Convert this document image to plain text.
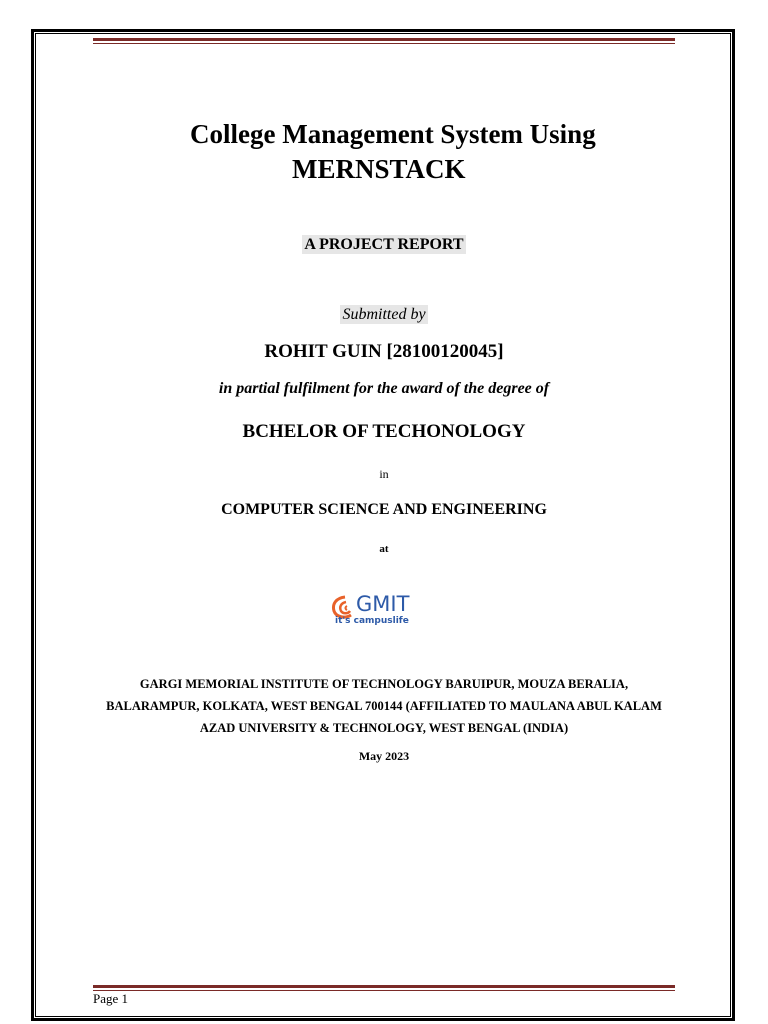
College Management System Using
MERNSTACK
A PROJECT REPORT
Submitted by
ROHIT GUIN [28100120045]
in partial fulfilment for the award of the degree of
BCHELOR OF TECHONOLOGY
in
COMPUTER SCIENCE AND ENGINEERING
at
GMIT
it's campuslife
GARGI MEMORIAL INSTITUTE OF TECHNOLOGY BARUIPUR, MOUZA BERALIA,
BALARAMPUR, KOLKATA, WEST BENGAL 700144 (AFFILIATED TO MAULANA ABUL KALAM
AZAD UNIVERSITY & TECHNOLOGY, WEST BENGAL (INDIA)
May 2023
Page 1
